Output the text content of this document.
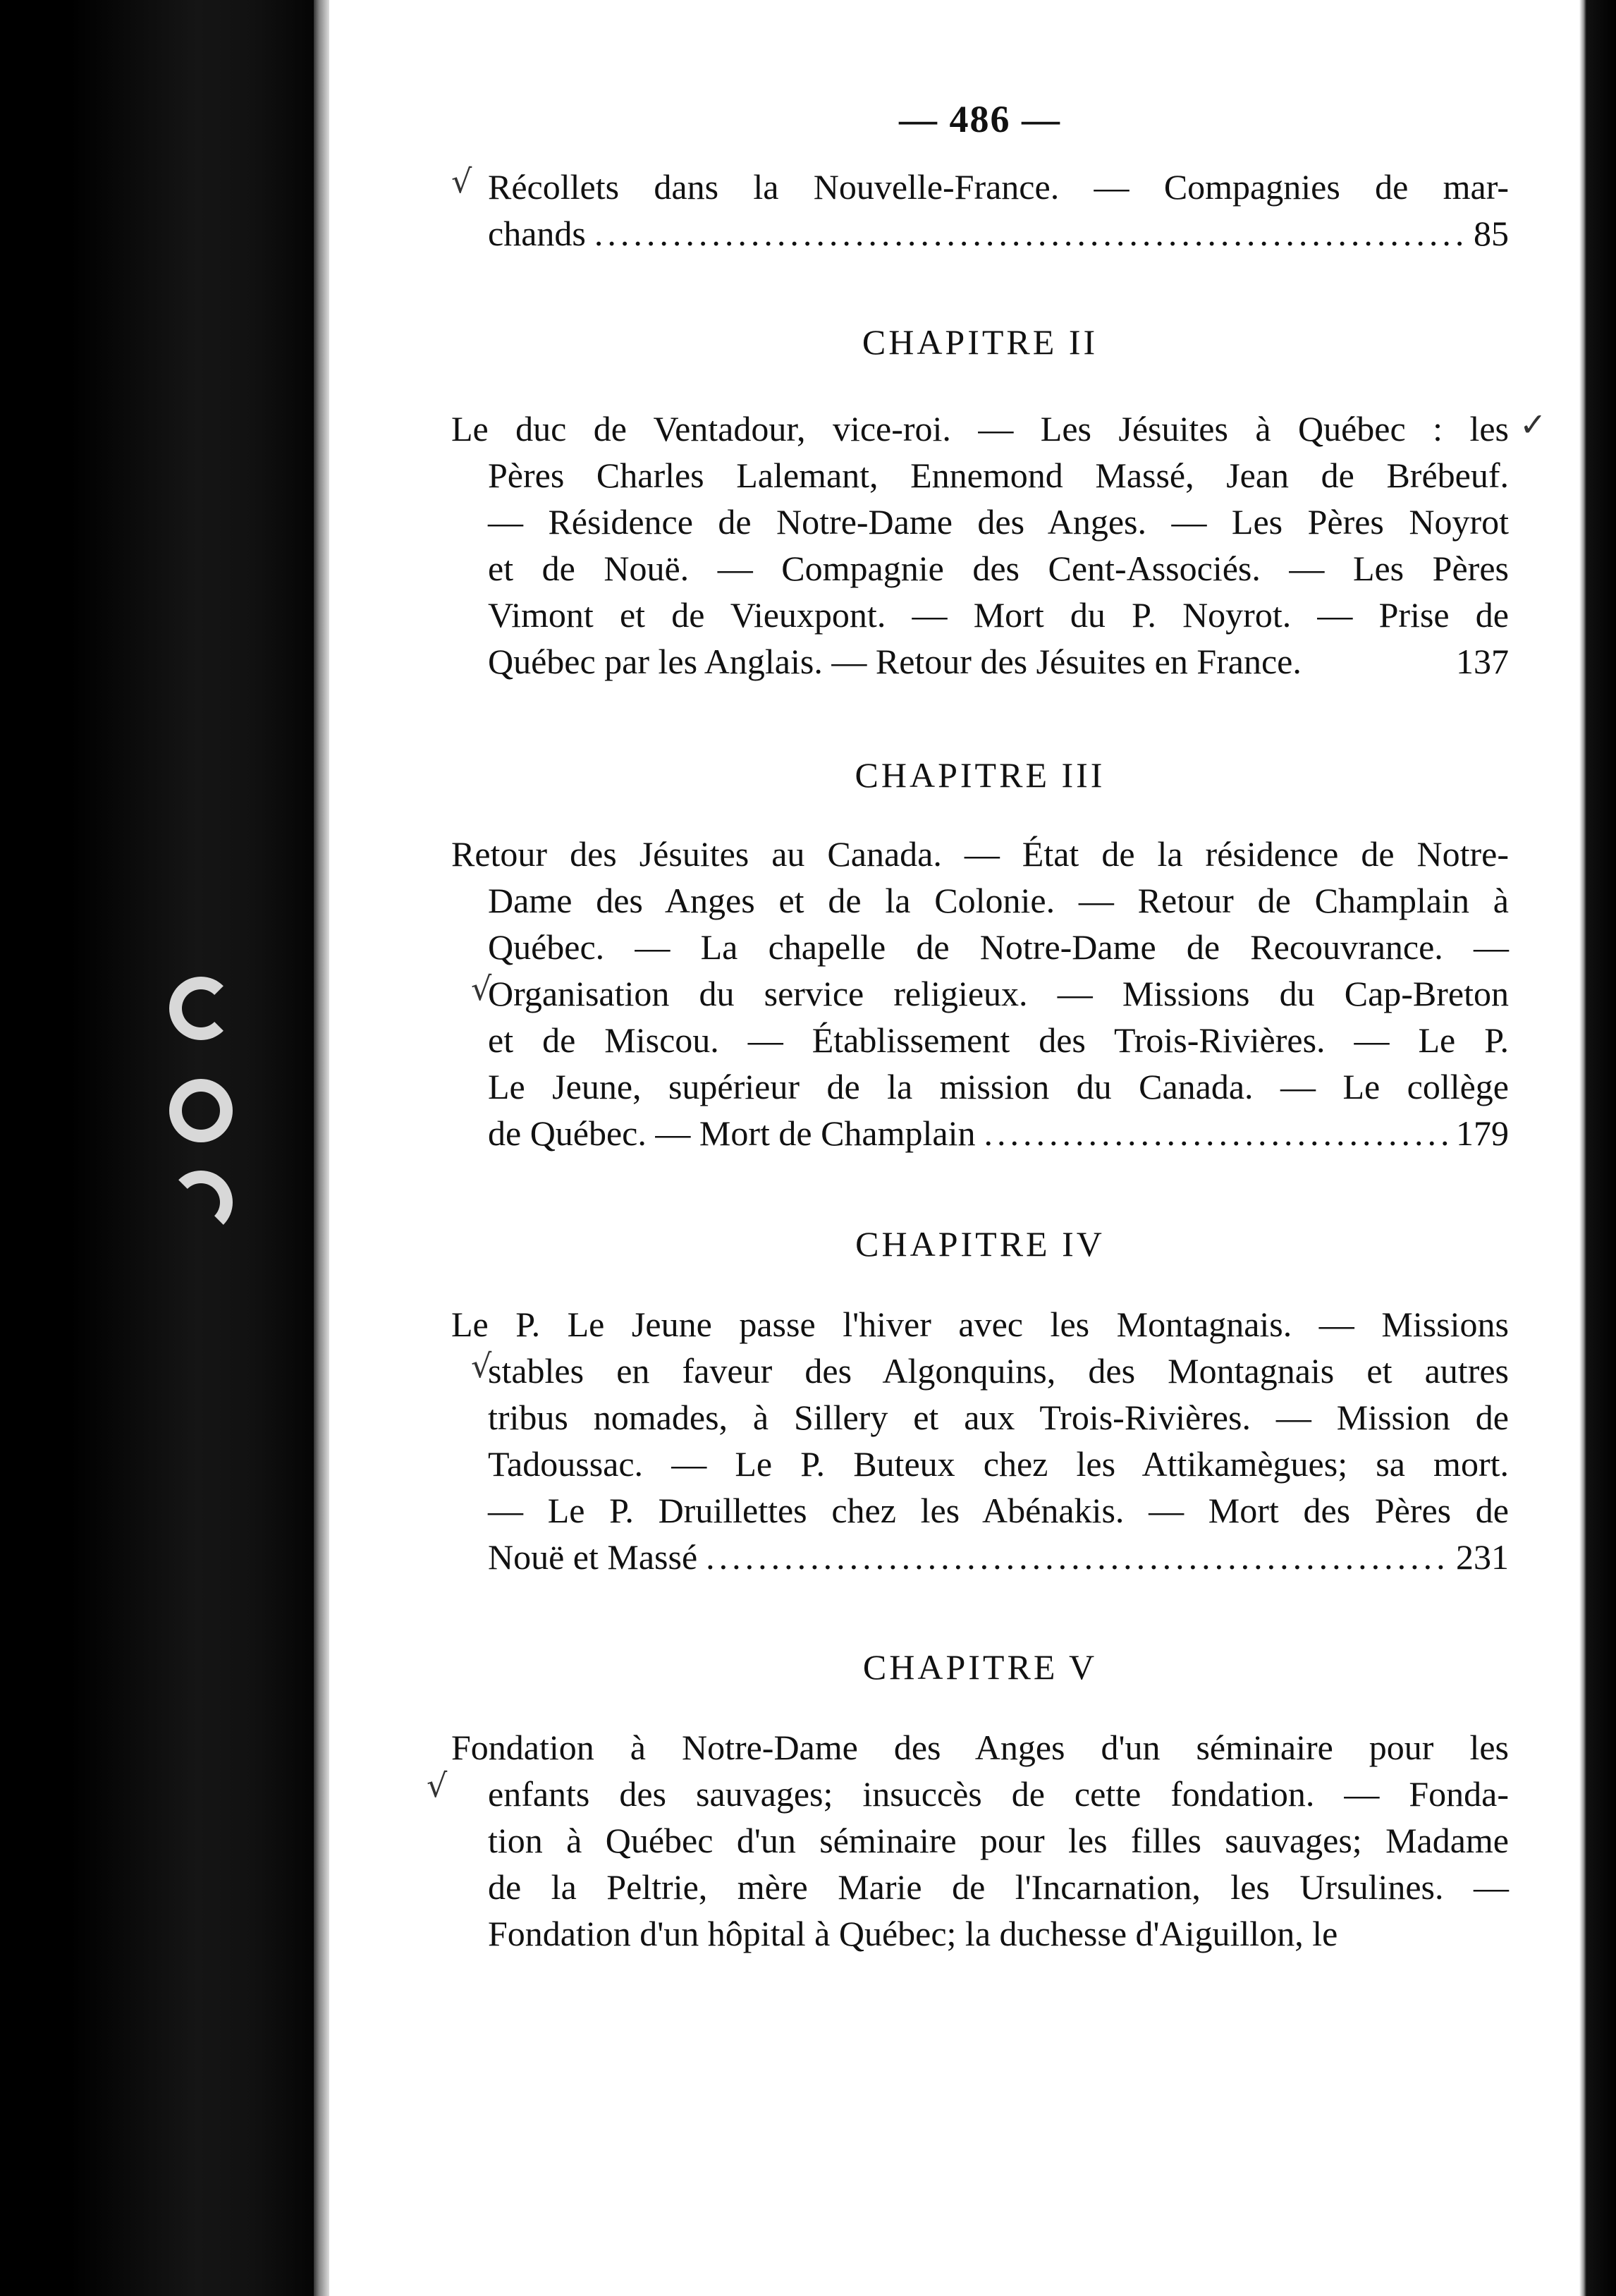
— 486 —
Récollets dans la Nouvelle-France. — Compagnies de mar-
chands .....	85
CHAPITRE II
Le duc de Ventadour, vice-roi. — Les Jésuites à Québec : les
Pères Charles Lalemant, Ennemond Massé, Jean de Brébeuf.
— Résidence de Notre-Dame des Anges. — Les Pères Noyrot
et de Nouë. — Compagnie des Cent-Associés. — Les Pères
Vimont et de Vieuxpont. — Mort du P. Noyrot. — Prise de
Québec par les Anglais. — Retour des Jésuites en France.	137
CHAPITRE III
Retour des Jésuites au Canada. — État de la résidence de Notre-
Dame des Anges et de la Colonie. — Retour de Champlain à
Québec. — La chapelle de Notre-Dame de Recouvrance. —
Organisation du service religieux. — Missions du Cap-Breton
et de Miscou. — Établissement des Trois-Rivières. — Le P.
Le Jeune, supérieur de la mission du Canada. — Le collège
de Québec. — Mort de Champlain .....	179
CHAPITRE IV
Le P. Le Jeune passe l'hiver avec les Montagnais. — Missions
stables en faveur des Algonquins, des Montagnais et autres
tribus nomades, à Sillery et aux Trois-Rivières. — Mission de
Tadoussac. — Le P. Buteux chez les Attikamègues; sa mort.
— Le P. Druillettes chez les Abénakis. — Mort des Pères de
Nouë et Massé .....	231
CHAPITRE V
Fondation à Notre-Dame des Anges d'un séminaire pour les
enfants des sauvages; insuccès de cette fondation. — Fonda-
tion à Québec d'un séminaire pour les filles sauvages; Madame
de la Peltrie, mère Marie de l'Incarnation, les Ursulines. —
Fondation d'un hôpital à Québec; la duchesse d'Aiguillon, le
√
✓
√
√
√
